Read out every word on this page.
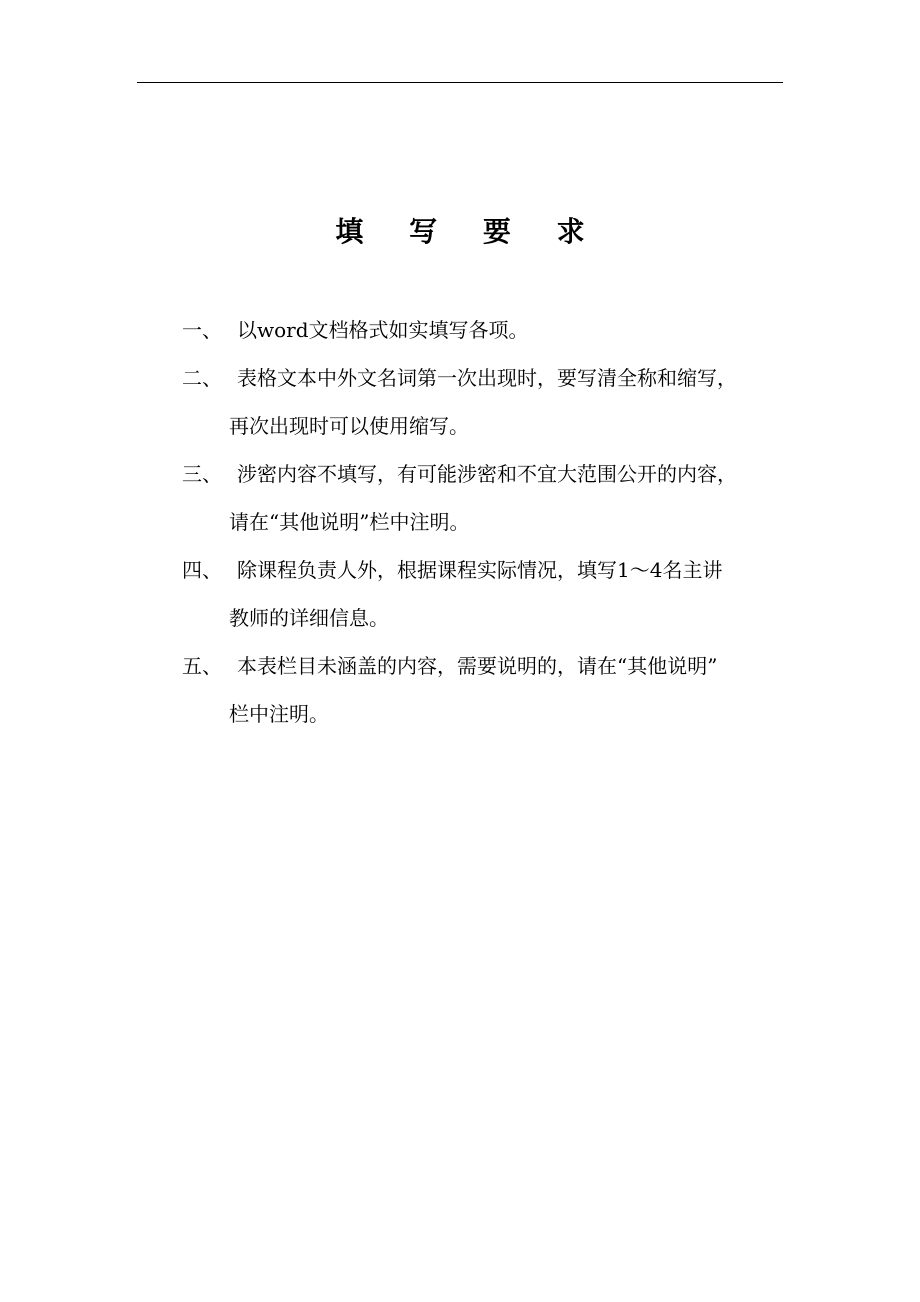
填 写 要 求
一、 以word文档格式如实填写各项。
二、 表格文本中外文名词第一次出现时，要写清全称和缩写，
再次出现时可以使用缩写。
三、 涉密内容不填写，有可能涉密和不宜大范围公开的内容，
请在“其他说明”栏中注明。
四、 除课程负责人外，根据课程实际情况，填写1～4名主讲
教师的详细信息。
五、 本表栏目未涵盖的内容，需要说明的，请在“其他说明”
栏中注明。
